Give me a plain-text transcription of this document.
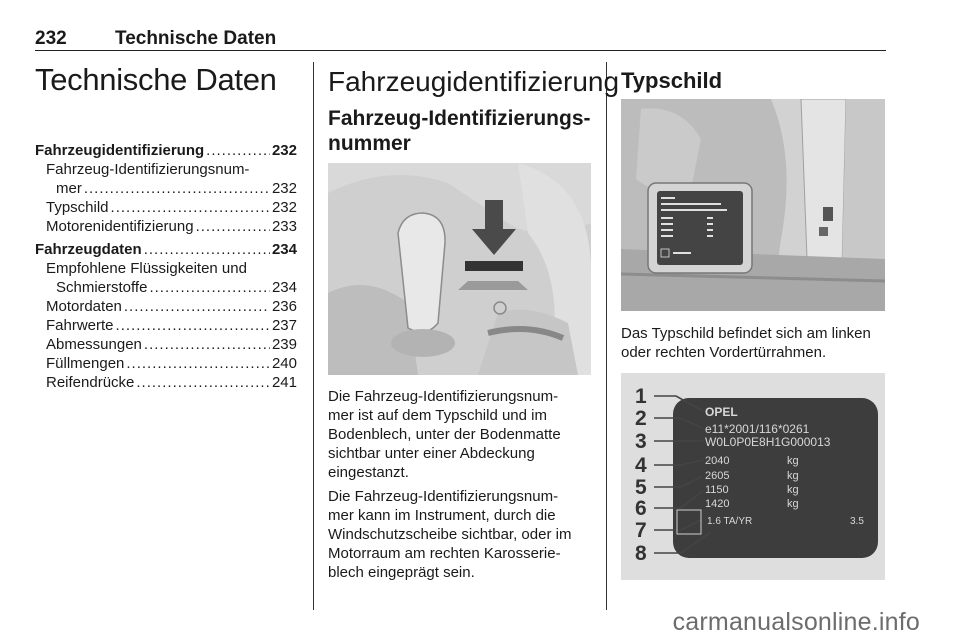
232	Technische Daten
Technische Daten
Fahrzeugidentifizierung .....	232
Fahrzeug-Identifizierungsnum-
mer .....	232
Typschild .....	232
Motorenidentifizierung .....	233
Fahrzeugdaten .....	234
Empfohlene Flüssigkeiten und
Schmierstoffe .....	234
Motordaten .....	236
Fahrwerte .....	237
Abmessungen .....	239
Füllmengen .....	240
Reifendrücke .....	241
Fahrzeugidentifizierung
Fahrzeug-Identifizierungs-
nummer
Die Fahrzeug-Identifizierungsnum-
mer ist auf dem Typschild und im
Bodenblech, unter der Bodenmatte
sichtbar unter einer Abdeckung
eingestanzt.
Die Fahrzeug-Identifizierungsnum-
mer kann im Instrument, durch die
Windschutzscheibe sichtbar, oder im
Motorraum am rechten Karosserie-
blech eingeprägt sein.
Typschild
Das Typschild befindet sich am linken
oder rechten Vordertürrahmen.
1
2
3
4
5
6
7
8
OPEL
e11*2001/116*0261
W0L0P0E8H1G000013
2040
2605
1150
1420
kg
kg
kg
kg
1.6 TA/YR	3.5
carmanualsonline.info
